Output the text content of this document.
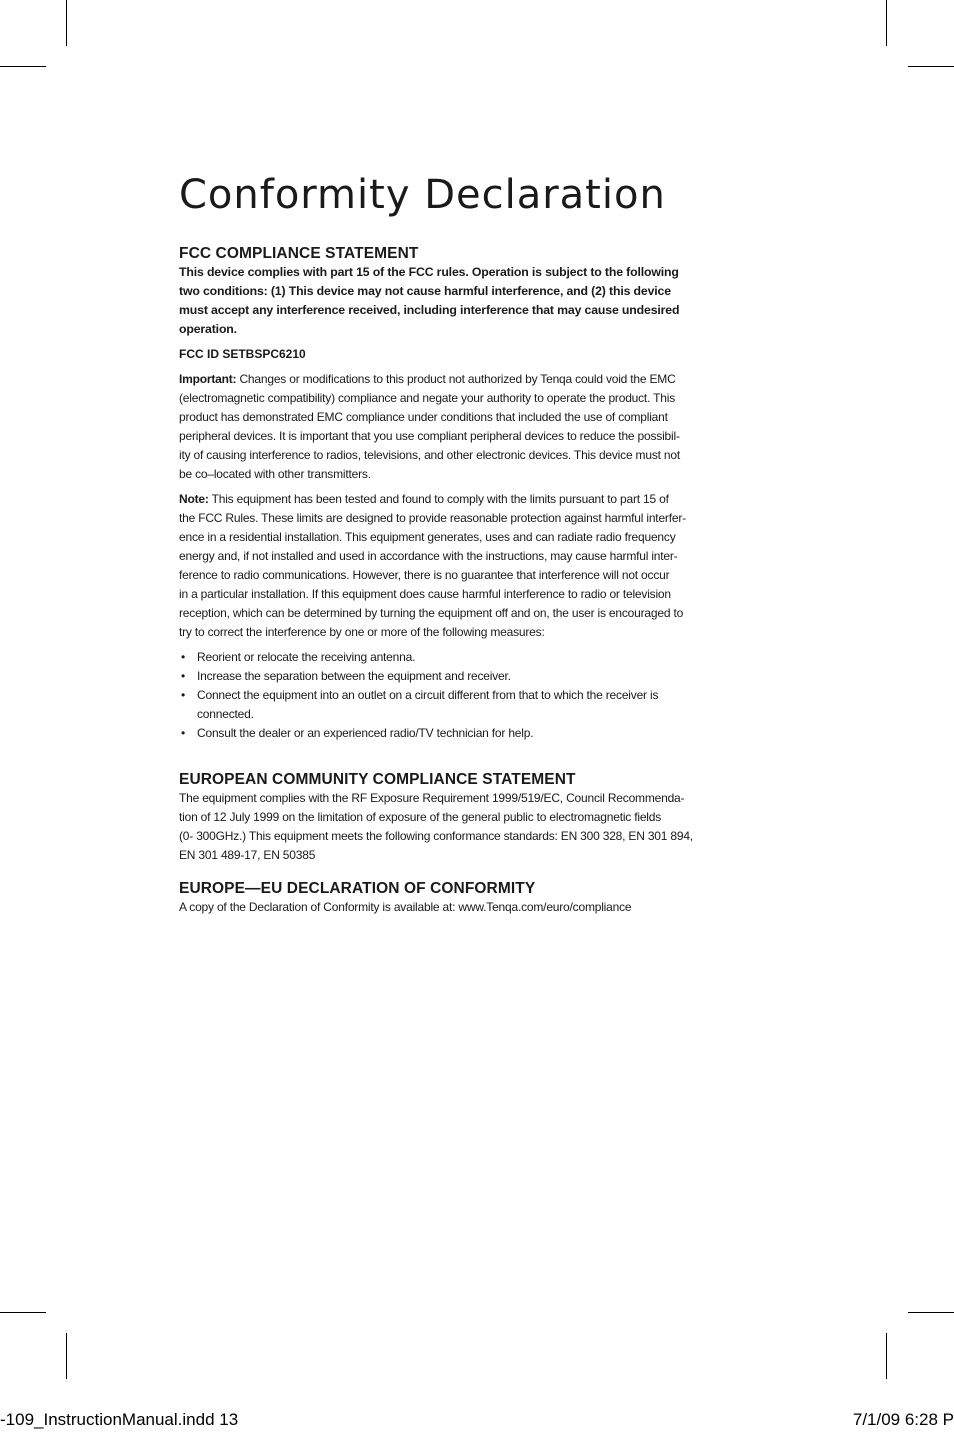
Conformity Declaration
FCC COMPLIANCE STATEMENT

This device complies with part 15 of the FCC rules. Operation is subject to the following
two conditions: (1) This device may not cause harmful interference, and (2) this device
must accept any interference received, including interference that may cause undesired
operation.

FCC ID SETBSPC6210

Important: Changes or modifications to this product not authorized by Tenqa could void the EMC
(electromagnetic compatibility) compliance and negate your authority to operate the product. This
product has demonstrated EMC compliance under conditions that included the use of compliant
peripheral devices. It is important that you use compliant peripheral devices to reduce the possibil-
ity of causing interference to radios, televisions, and other electronic devices. This device must not
be co–located with other transmitters.

Note: This equipment has been tested and found to comply with the limits pursuant to part 15 of
the FCC Rules. These limits are designed to provide reasonable protection against harmful interfer-
ence in a residential installation. This equipment generates, uses and can radiate radio frequency
energy and, if not installed and used in accordance with the instructions, may cause harmful inter-
ference to radio communications. However, there is no guarantee that interference will not occur
in a particular installation. If this equipment does cause harmful interference to radio or television
reception, which can be determined by turning the equipment off and on, the user is encouraged to
try to correct the interference by one or more of the following measures:

• Reorient or relocate the receiving antenna.
• Increase the separation between the equipment and receiver.
• Connect the equipment into an outlet on a circuit different from that to which the receiver is
connected.
• Consult the dealer or an experienced radio/TV technician for help.
EUROPEAN COMMUNITY COMPLIANCE STATEMENT

The equipment complies with the RF Exposure Requirement 1999/519/EC, Council Recommenda-
tion of 12 July 1999 on the limitation of exposure of the general public to electromagnetic fields
(0- 300GHz.) This equipment meets the following conformance standards: EN 300 328, EN 301 894,
EN 301 489-17, EN 50385

EUROPE—EU DECLARATION OF CONFORMITY

A copy of the Declaration of Conformity is available at: www.Tenqa.com/euro/compliance

-109_InstructionManual.indd 13	7/1/09 6:28 P
